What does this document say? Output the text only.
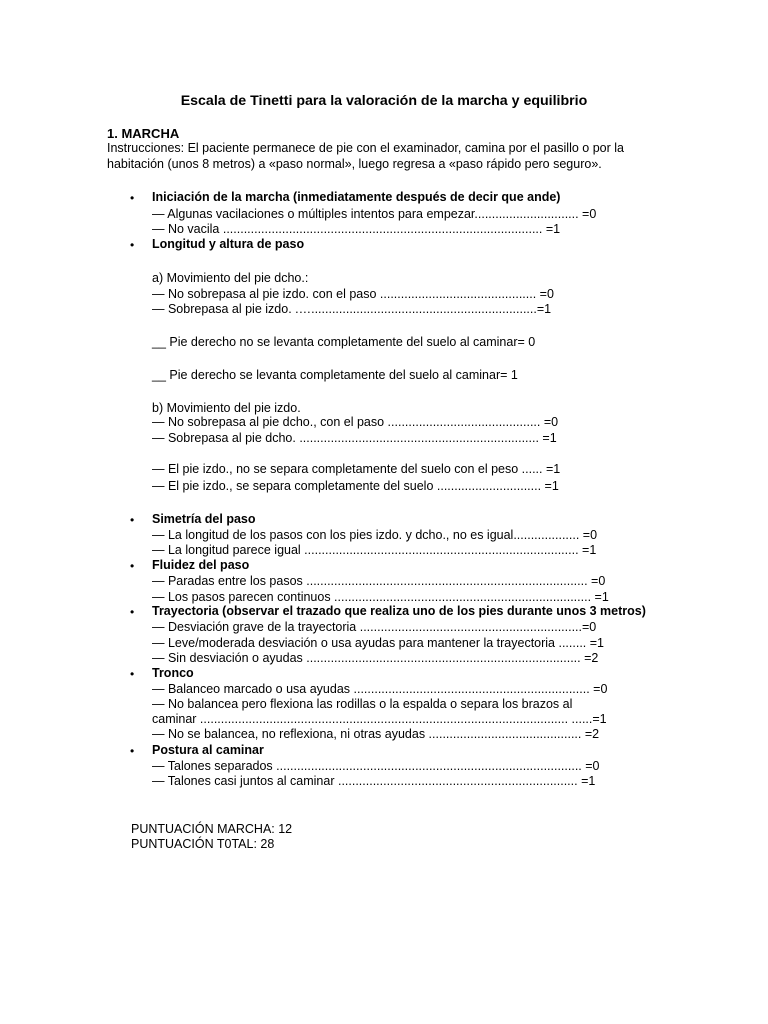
Escala de Tinetti para la valoración de la marcha y equilibrio
1. MARCHA
Instrucciones: El paciente permanece de pie con el examinador, camina por el pasillo o por la
habitación (unos 8 metros) a «paso normal», luego regresa a «paso rápido pero seguro».
• Iniciación de la marcha (inmediatamente después de decir que ande)
— Algunas vacilaciones o múltiples intentos para empezar.............................. =0
— No vacila ............................................................................................ =1
• Longitud y altura de paso
a) Movimiento del pie dcho.:
— No sobrepasa al pie izdo. con el paso ............................................. =0
— Sobrepasa al pie izdo. .….................................................................=1
__ Pie derecho no se levanta completamente del suelo al caminar= 0
__ Pie derecho se levanta completamente del suelo al caminar= 1
b) Movimiento del pie izdo.
— No sobrepasa al pie dcho., con el paso ............................................ =0
— Sobrepasa al pie dcho. ..................................................................... =1
— El pie izdo., no se separa completamente del suelo con el peso ...... =1
— El pie izdo., se separa completamente del suelo .............................. =1
• Simetría del paso
— La longitud de los pasos con los pies izdo. y dcho., no es igual................... =0
— La longitud parece igual ............................................................................... =1
• Fluidez del paso
— Paradas entre los pasos ................................................................................. =0
— Los pasos parecen continuos .......................................................................... =1
• Trayectoria (observar el trazado que realiza uno de los pies durante unos 3 metros)
— Desviación grave de la trayectoria ................................................................=0
— Leve/moderada desviación o usa ayudas para mantener la trayectoria ........ =1
— Sin desviación o ayudas ............................................................................... =2
• Tronco
— Balanceo marcado o usa ayudas .................................................................... =0
— No balancea pero flexiona las rodillas o la espalda o separa los brazos al
caminar .......................................................................................................... ......=1
— No se balancea, no reflexiona, ni otras ayudas ............................................ =2
• Postura al caminar
— Talones separados ........................................................................................ =0
— Talones casi juntos al caminar ..................................................................... =1
PUNTUACIÓN MARCHA: 12
PUNTUACIÓN T0TAL: 28
